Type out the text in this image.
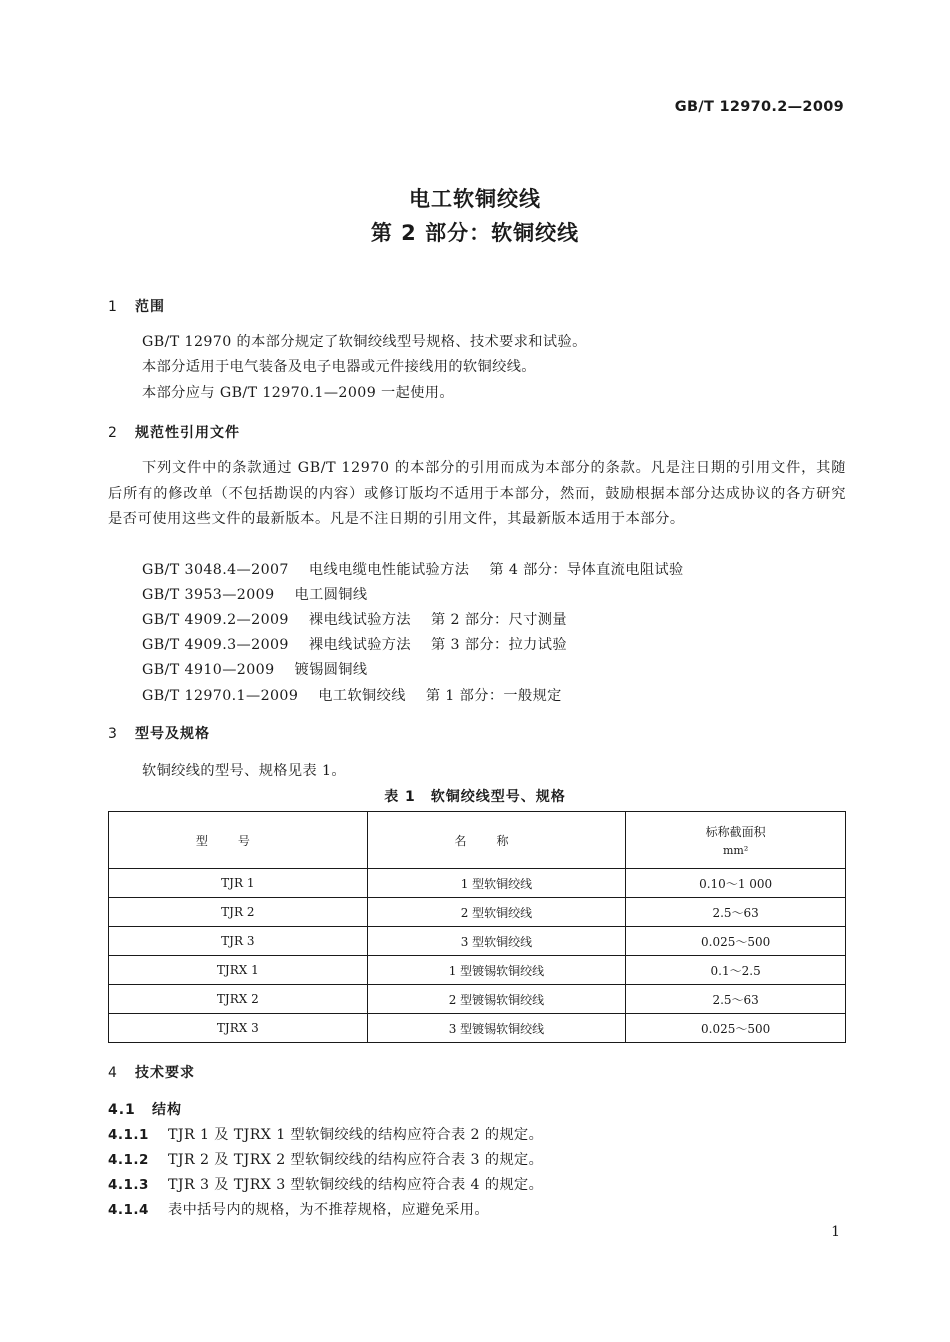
GB/T 12970.2—2009
电工软铜绞线
第 2 部分：软铜绞线
1 范围
GB/T 12970 的本部分规定了软铜绞线型号规格、技术要求和试验。
本部分适用于电气装备及电子电器或元件接线用的软铜绞线。
本部分应与 GB/T 12970.1—2009 一起使用。
2 规范性引用文件
下列文件中的条款通过 GB/T 12970 的本部分的引用而成为本部分的条款。凡是注日期的引用文件，其随后所有的修改单（不包括勘误的内容）或修订版均不适用于本部分，然而，鼓励根据本部分达成协议的各方研究是否可使用这些文件的最新版本。凡是不注日期的引用文件，其最新版本适用于本部分。
GB/T 3048.4—2007 电线电缆电性能试验方法 第 4 部分：导体直流电阻试验
GB/T 3953—2009 电工圆铜线
GB/T 4909.2—2009 裸电线试验方法 第 2 部分：尺寸测量
GB/T 4909.3—2009 裸电线试验方法 第 3 部分：拉力试验
GB/T 4910—2009 镀锡圆铜线
GB/T 12970.1—2009 电工软铜绞线 第 1 部分：一般规定
3 型号及规格
软铜绞线的型号、规格见表 1。
表 1　软铜绞线型号、规格
型号	名称	标称截面积
mm²

TJR 1	1 型软铜绞线	0.10～1 000
TJR 2	2 型软铜绞线	2.5～63
TJR 3	3 型软铜绞线	0.025～500
TJRX 1	1 型镀锡软铜绞线	0.1～2.5
TJRX 2	2 型镀锡软铜绞线	2.5～63
TJRX 3	3 型镀锡软铜绞线	0.025～500
4 技术要求
4.1 结构
4.1.1 TJR 1 及 TJRX 1 型软铜绞线的结构应符合表 2 的规定。
4.1.2 TJR 2 及 TJRX 2 型软铜绞线的结构应符合表 3 的规定。
4.1.3 TJR 3 及 TJRX 3 型软铜绞线的结构应符合表 4 的规定。
4.1.4 表中括号内的规格，为不推荐规格，应避免采用。
1
